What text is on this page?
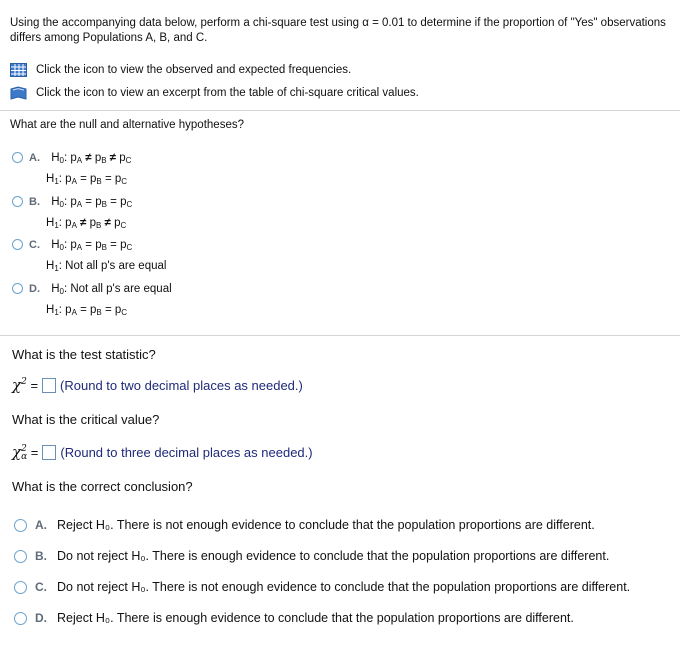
Using the accompanying data below, perform a chi-square test using α = 0.01 to determine if the proportion of "Yes" observations differs among Populations A, B, and C.
Click the icon to view the observed and expected frequencies.
Click the icon to view an excerpt from the table of chi-square critical values.
What are the null and alternative hypotheses?
A. $H_0$: pA ≠ pB ≠ pC
$H_1$: pA = pB = pC
B. $H_0$: pA = pB = pC
$H_1$: pA ≠ pB ≠ pC
C. $H_0$: pA = pB = pC
$H_1$: Not all p's are equal
D. $H_0$: Not all p's are equal
$H_1$: pA = pB = pC
What is the test statistic?
$\chi^2$ = (Round to two decimal places as needed.)
What is the critical value?
χ 2
α = (Round to three decimal places as needed.)
What is the correct conclusion?
A. Reject H₀. There is not enough evidence to conclude that the population proportions are different.
B. Do not reject H₀. There is enough evidence to conclude that the population proportions are different.
C. Do not reject H₀. There is not enough evidence to conclude that the population proportions are different.
D. Reject H₀. There is enough evidence to conclude that the population proportions are different.
